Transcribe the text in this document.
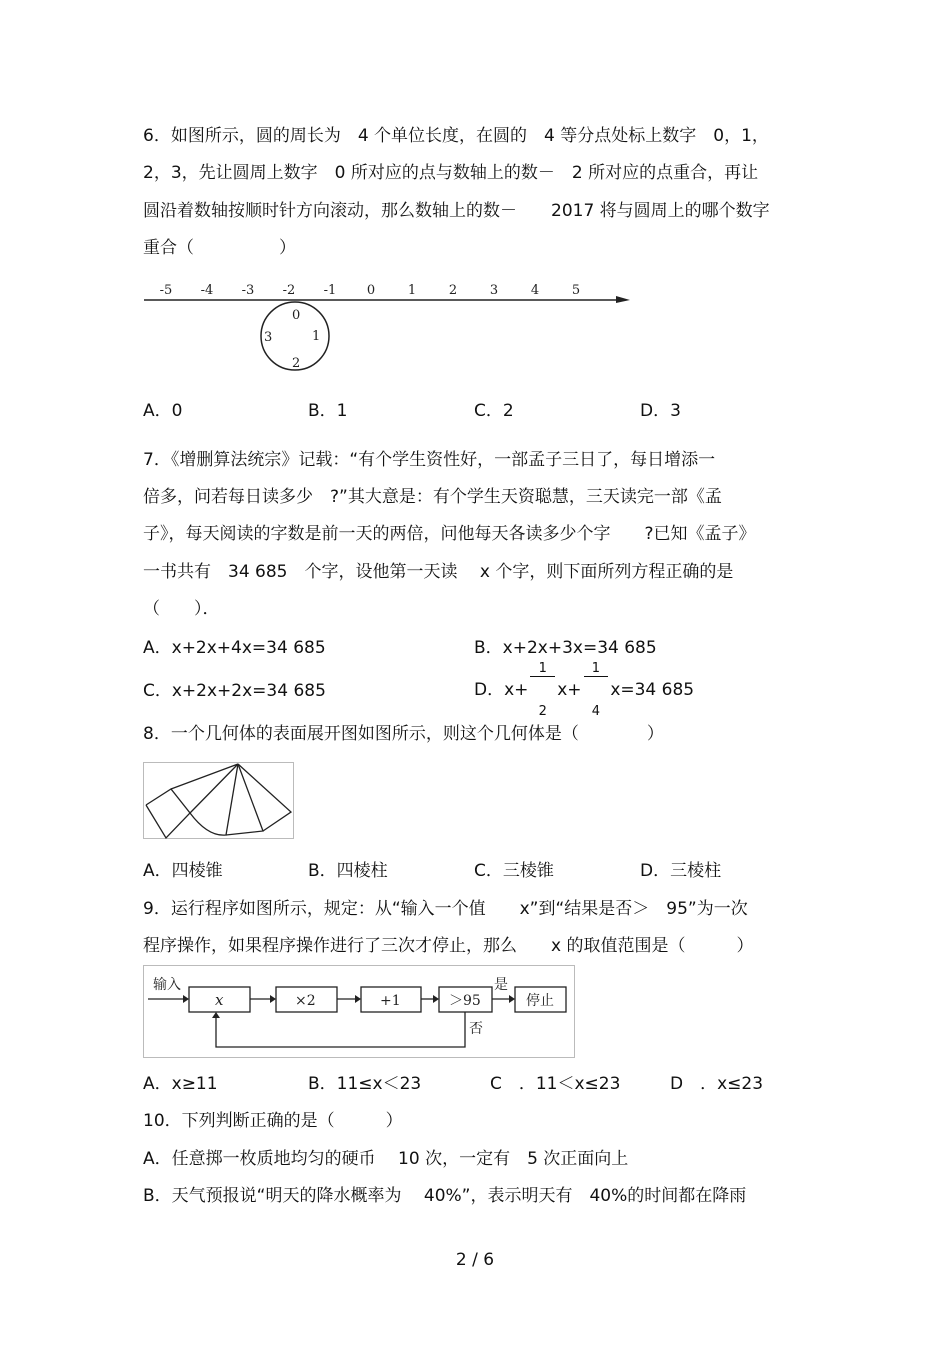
6．如图所示，圆的周长为　4 个单位长度，在圆的　4 等分点处标上数字　0，1，
2，3，先让圆周上数字　0 所对应的点与数轴上的数－　2 所对应的点重合，再让
圆沿着数轴按顺时针方向滚动，那么数轴上的数－　　2017 将与圆周上的哪个数字
重合（　　　　　）
-5 -4 -3 -2 -1 0	1	2	3	4	5
0
1
2
3
A．0	B．1	C．2	D．3
7．《增删算法统宗》记载：“有个学生资性好，一部孟子三日了，每日增添一
倍多，问若每日读多少　?”其大意是：有个学生天资聪慧，三天读完一部《孟
子》，每天阅读的字数是前一天的两倍，问他每天各读多少个字　　?已知《孟子》
一书共有　34 685　个字，设他第一天读　 x 个字，则下面所列方程正确的是
（　　）．
A．x+2x+4x=34 685	B．x+2x+3x=34 685
C．x+2x+2x=34 685	D．x+

$\frac{1}{2}$

x+

$\frac{1}{4}$

x=34 685
8．一个几何体的表面展开图如图所示，则这个几何体是（　　　　）
A．四棱锥	B．四棱柱	C．三棱锥	D．三棱柱
9．运行程序如图所示，规定：从“输入一个值　　x”到“结果是否＞　95”为一次
程序操作，如果程序操作进行了三次才停止，那么　　x 的取值范围是（　　　）
输入
x	×2	+1	＞95
是
停止
否
A．x≥11	B．11≤x＜23	C　．11＜x≤23	D　．x≤23
10．下列判断正确的是（　　　）
A．任意掷一枚质地均匀的硬币　 10 次，一定有　5 次正面向上
B．天气预报说“明天的降水概率为　 40%”，表示明天有　40%的时间都在降雨
2 / 6
